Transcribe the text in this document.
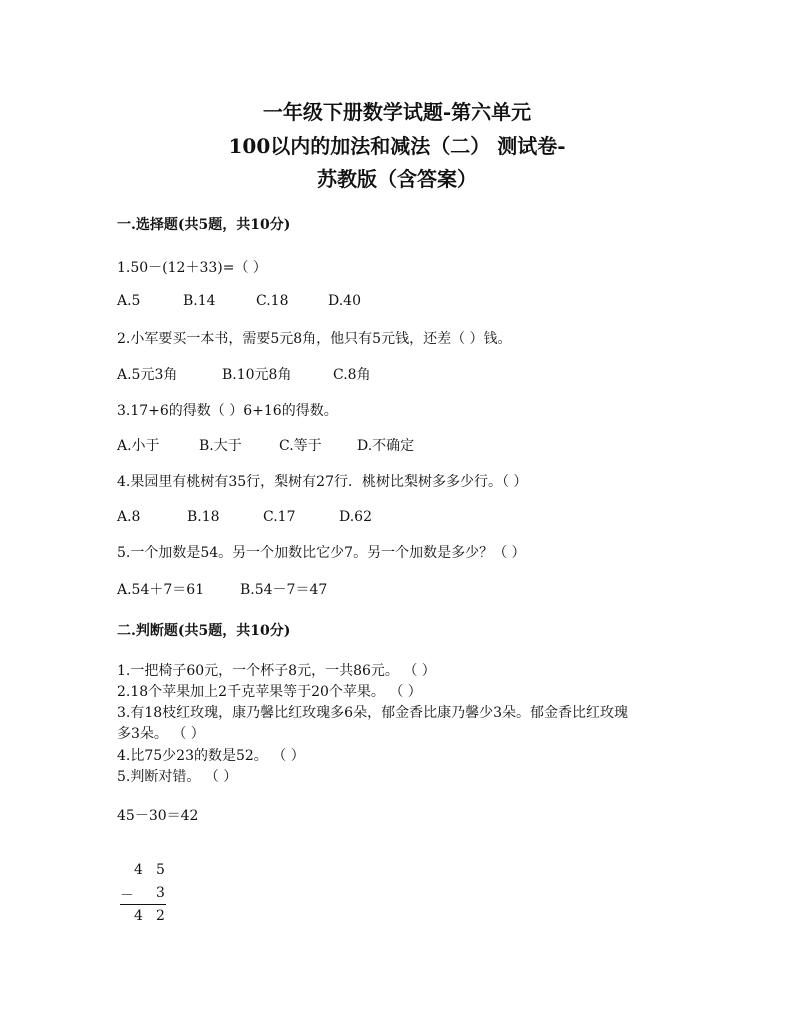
一年级下册数学试题-第六单元
100以内的加法和减法（二） 测试卷-
苏教版（含答案）
一.选择题(共5题，共10分)
1.50－(12＋33)=（ ）
A.5	B.14	C.18	D.40
2.小军要买一本书，需要5元8角，他只有5元钱，还差（ ）钱。
A.5元3角	B.10元8角	C.8角
3.17+6的得数（ ）6+16的得数。
A.小于	B.大于	C.等于	D.不确定
4.果园里有桃树有35行，梨树有27行．桃树比梨树多多少行。（ ）
A.8	B.18	C.17	D.62
5.一个加数是54。另一个加数比它少7。另一个加数是多少？（ ）
A.54＋7＝61	B.54－7＝47
二.判断题(共5题，共10分)
1.一把椅子60元，一个杯子8元，一共86元。 （ ）
2.18个苹果加上2千克苹果等于20个苹果。 （ ）
3.有18枝红玫瑰，康乃馨比红玫瑰多6朵，郁金香比康乃馨少3朵。郁金香比红玫瑰
多3朵。 （ ）
4.比75少23的数是52。 （ ）
5.判断对错。 （ ）
45－30＝42
4 5
－ 3
4 2
